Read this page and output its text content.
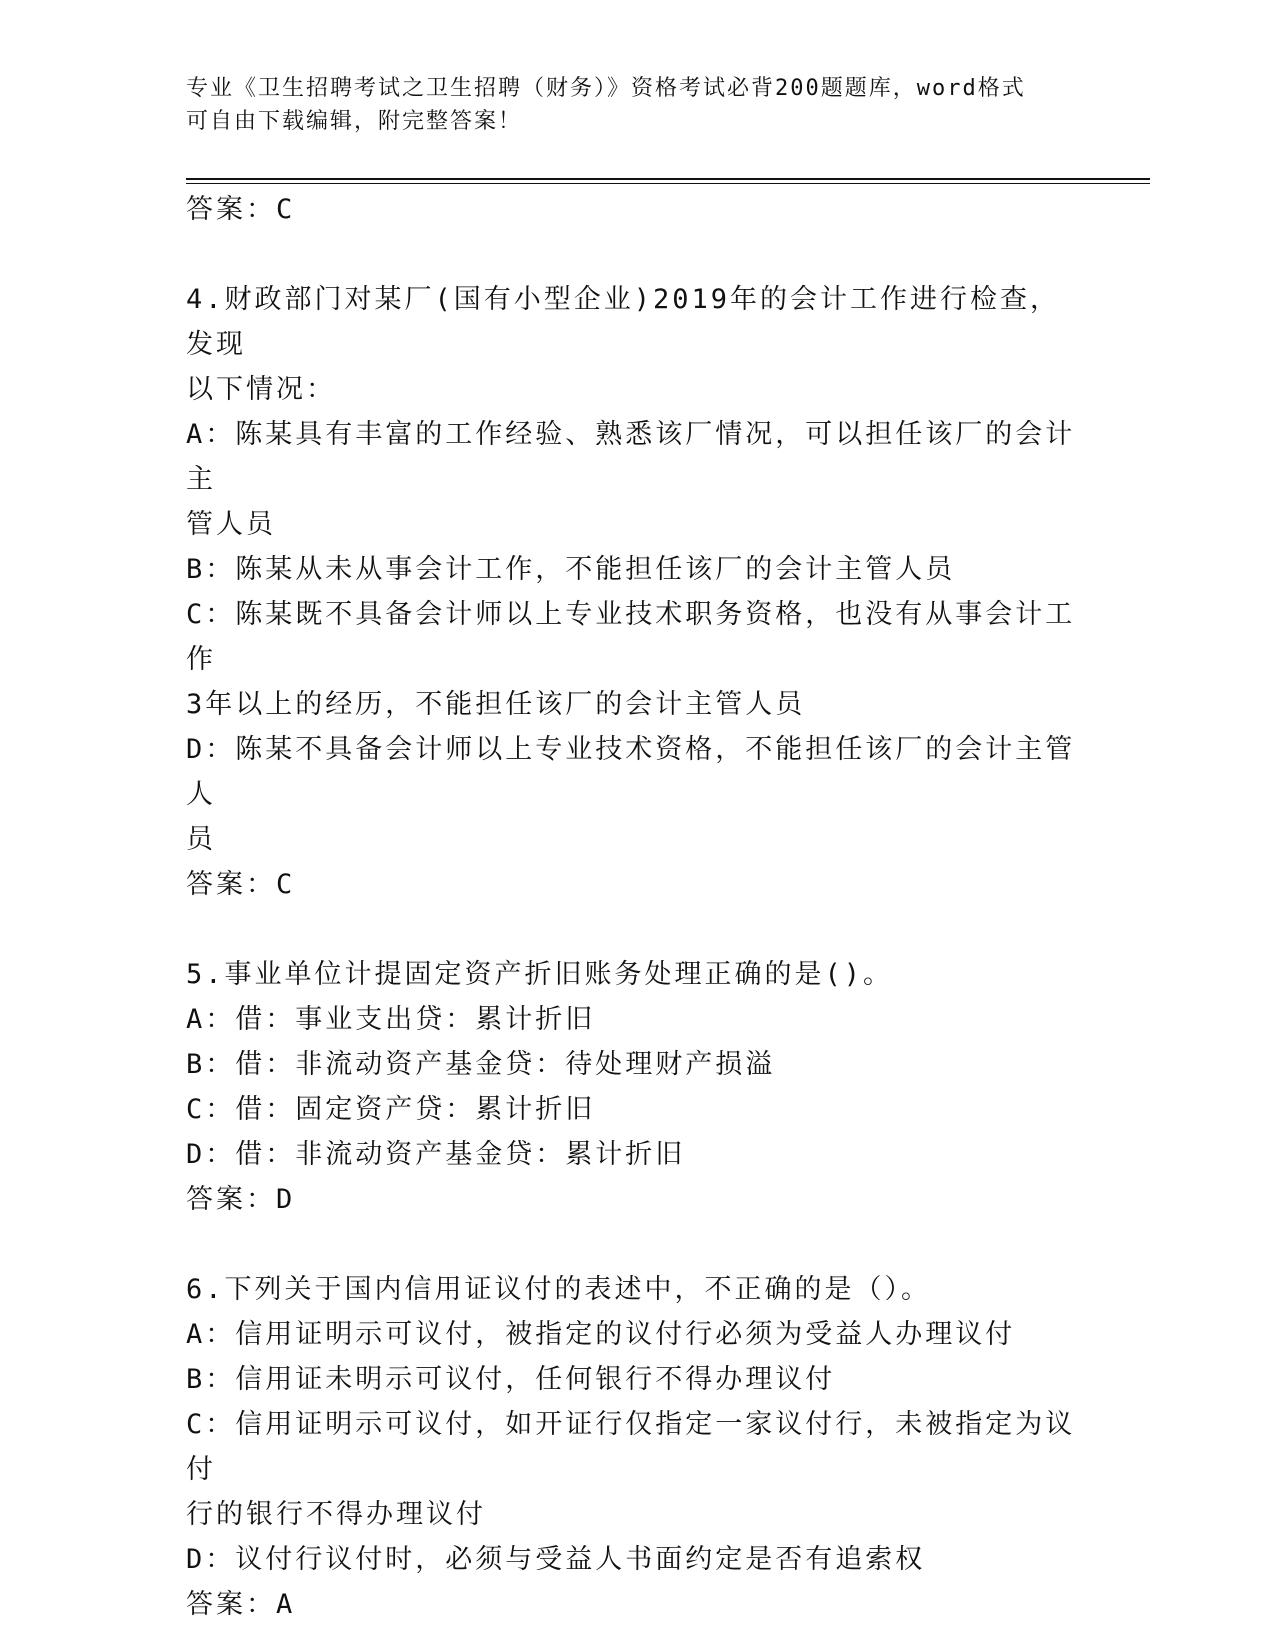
专业《卫生招聘考试之卫生招聘（财务）》资格考试必背200题题库，word格式
可自由下载编辑，附完整答案！
答案：C
4.财政部门对某厂(国有小型企业)2019年的会计工作进行检查，发现
以下情况：
A：陈某具有丰富的工作经验、熟悉该厂情况，可以担任该厂的会计主
管人员
B：陈某从未从事会计工作，不能担任该厂的会计主管人员
C：陈某既不具备会计师以上专业技术职务资格，也没有从事会计工作
3年以上的经历，不能担任该厂的会计主管人员
D：陈某不具备会计师以上专业技术资格，不能担任该厂的会计主管人
员
答案：C
5.事业单位计提固定资产折旧账务处理正确的是()。
A：借：事业支出贷：累计折旧
B：借：非流动资产基金贷：待处理财产损溢
C：借：固定资产贷：累计折旧
D：借：非流动资产基金贷：累计折旧
答案：D
6.下列关于国内信用证议付的表述中，不正确的是（）。
A：信用证明示可议付，被指定的议付行必须为受益人办理议付
B：信用证未明示可议付，任何银行不得办理议付
C：信用证明示可议付，如开证行仅指定一家议付行，未被指定为议付
行的银行不得办理议付
D：议付行议付时，必须与受益人书面约定是否有追索权
答案：A
